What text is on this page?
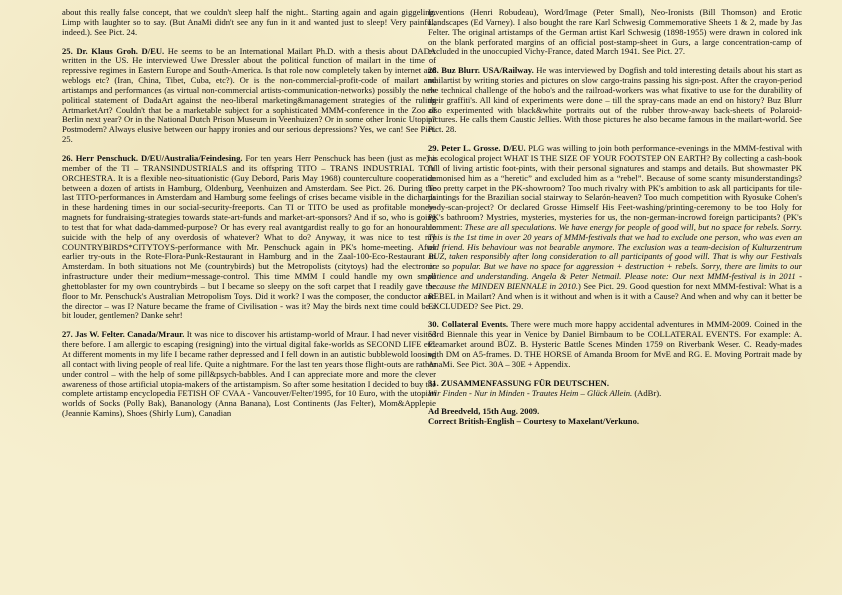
about this really false concept, that we couldn't sleep half the night.. Starting again and again giggeling. Limp with laughter so to say. (But AnaMi didn't see any fun in it and wanted just to sleep! Very painful, indeed.). See Pict. 24.

25. Dr. Klaus Groh. D/EU. He seems to be an International Mailart Ph.D. with a thesis about DADA written in the US. He interviewed Uwe Dressler about the political function of mailart in the time of repressive regimes in Eastern Europe and South-America. Is that role now completely taken by internet and weblogs etc? (Iran, China, Tibet, Cuba, etc?). Or is the non-commercial-profit-code of mailart and artistamps and performances (as virtual non-commercial artists-communication-networks) possibly the new political statement of DadaArt against the neo-liberal marketing&management strategies of the ruling ArtmarketArt? Couldn't that be a marketable subject for a sophisticated MMM-conference in the Zoo of Berlin next year? Or in the National Dutch Prison Museum in Veenhuizen? Or in some other Ironic Utopia? Postmodern? Always elusive between our happy ironies and our serious depressions? Yes, we can! See Pict. 25.

26. Herr Penschuck. D/EU/Australia/Feindesing. For ten years Herr Penschuck has been (just as me) a member of the TI – TRANSINDUSTRIALS and its offspring TITO – TRANS INDUSTRIAL TOY ORCHESTRA. It is a flexible neo-situationistic (Guy Debord, Paris May 1968) counterculture cooperation between a dozen of artists in Hamburg, Oldenburg, Veenhuizen and Amsterdam. See Pict. 26. During the last TITO-performances in Amsterdam and Hamburg some feelings of crises became visible in the dichards in these hardening times in our social-security-freeports. Can TI or TITO be used as profitable money-magnets for fundraising-strategies towards state-art-funds and market-art-sponsors? And if so, who is going to test that for what dada-dammed-purpose? Or has every real avantgardist really to go for an honourable suicide with the help of any overdosis of whatever? What to do? Anyway, it was nice to test my COUNTRYBIRDS*CITYTOYS-performance with Mr. Penschuck again in PK's home-meeting. After earlier try-outs in the Rote-Flora-Punk-Restaurant in Hamburg and in the Zaal-100-Eco-Restaurant in Amsterdam. In both situations not Me (countrybirds) but the Metropolists (citytoys) had the electronic infrastructure under their medium=message-control. This time MMM I could handle my own small ghettoblaster for my own countrybirds – but I became so sleepy on the soft carpet that I readily gave the floor to Mr. Penschuck's Australian Metropolism Toys. Did it work? I was the composer, the conductor and the director – was I? Nature became the frame of Civilisation - was it? May the birds next time could be a bit louder, gentlemen? Danke sehr!

27. Jas W. Felter. Canada/Mraur. It was nice to discover his artistamp-world of Mraur. I had never visited there before. I am allergic to escaping (resigning) into the virtual digital fake-worlds as SECOND LIFE etc. At different moments in my life I became rather depressed and I fell down in an autistic bubblewold loosing all contact with living people of real life. Quite a nightmare. For the last ten years those flight-outs are rather under control – with the help of some pill&psych-babbles. And I can appreciate more and more the clever awareness of those artificial utopia-makers of the artistampism. So after some hesitation I decided to buy the complete artistamp encyclopedia FETISH OF CVAA - Vancouver/Felter/1995, for 10 Euro, with the utopian worlds of Socks (Polly Bak), Bananology (Anna Banana), Lost Continents (Jas Felter), Mom&Applepie (Jeannie Kamins), Shoes (Shirly Lum), Canadian

Inventions (Henri Robudeau), Word/Image (Peter Small), Neo-Ironists (Bill Thomson) and Erotic Landscapes (Ed Varney). I also bought the rare Karl Schwesig Commemorative Sheets 1 & 2, made by Jas Felter. The original artistamps of the German artist Karl Schwesig (1898-1955) were drawn in colored ink on the blank perforated margins of an official post-stamp-sheet in Gurs, a large concentration-camp of excluded in the unoccupied Vichy-France, dated March 1941. See Pict. 27.

28. Buz Blurr. USA/Railway. He was interviewed by Dogfish and told interesting details about his start as mailartist by writing stories and pictures on slow cargo-trains passing his sign-post. After the crayon-period the technical challenge of the hobo's and the railroad-workers was what fixative to use for the durability of their graffiti's. All kind of experiments were done – till the spray-cans made an end on history? Buz Blurr also experimented with black&white portraits out of the rubber throw-away back-sheets of Polaroid-pictures. He calls them Caustic Jellies. With those pictures he also became famous in the mailart-world. See Pict. 28.

29. Peter L. Grosse. D/EU. PLG was willing to join both performance-evenings in the MMM-festival with his ecological project WHAT IS THE SIZE OF YOUR FOOTSTEP ON EARTH? By collecting a cash-book full of living artistic foot-pints, with their personal signatures and stamps and details. But showmaster PK demonised him as a “heretic” and excluded him as a “rebel”. Because of some scanty misunderstandings? Too pretty carpet in the PK-showroom? Too much rivalry with PK's ambition to ask all participants for tile-paintings for the Brazilian social stairway to Selarón-heaven? Too much competition with Ryosuke Cohen's body-scan-project? Or declared Grosse Himself His Feet-washing/printing-ceremony to be too Holy for PK's bathroom? Mystries, mysteries, mysteries for us, the non-german-incrowd foreign participants? (PK's comment: These are all speculations. We have energy for people of good will, but no space for rebels. Sorry. This is the 1st time in over 20 years of MMM-festivals that we had to exclude one person, who was even an old friend. His behaviour was not bearable anymore. The exclusion was a team-decision of Kulturzentrum BUZ, taken responsibly after long consideration to all participants of good will. That is why our Festivals are so popular. But we have no space for aggression + destruction + rebels. Sorry, there are limits to our patience and understanding. Angela & Peter Netmail. Please note: Our next MMM-festival is in 2011 - because the MINDEN BIENNALE in 2010.) See Pict. 29. Good question for next MMM-festival: What is a REBEL in Mailart? And when is it without and when is it with a Cause? And when and why can it better be EXCLUDED? See Pict. 29.

30. Collateral Events. There were much more happy accidental adventures in MMM-2009. Coined in the 53rd Biennale this year in Venice by Daniel Birnbaum to be COLLATERAL EVENTS. For example: A. Fleamarket around BÜZ. B. Hysteric Battle Scenes Minden 1759 on Riverbank Weser. C. Ready-mades with DM on A5-frames. D. THE HORSE of Amanda Broom for MvE and RG. E. Moving Portrait made by AnaMi. See Pict. 30A – 30E + Appendix.

31. ZUSAMMENFASSUNG FÜR DEUTSCHEN.
Wir Finden - Nur in Minden - Trautes Heim – Glück Allein. (AdBr).

Ad Breedveld, 15th Aug. 2009.

Correct British-English – Courtesy to Maxelant/Verkuno.
